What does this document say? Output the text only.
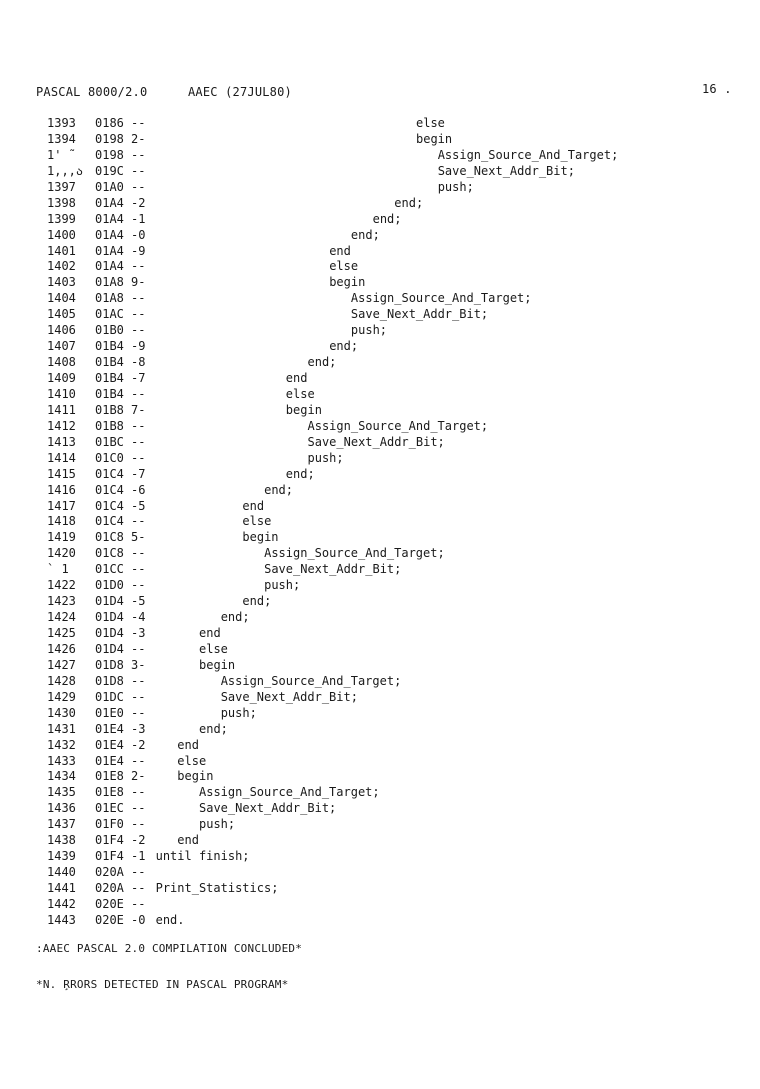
PASCAL 8000/2.0	AAEC (27JUL80)	16 .
1393 0186 --	else
1394 0198 2-	begin
1' ˜ 0198 --	Assign_Source_And_Target;
1,,,ა 019C --	Save_Next_Addr_Bit;
1397 01A0 --	push;
1398 01A4 -2	end;
1399 01A4 -1	end;
1400 01A4 -0	end;
1401 01A4 -9	end
1402 01A4 --	else
1403 01A8 9-	begin
1404 01A8 --	Assign_Source_And_Target;
1405 01AC --	Save_Next_Addr_Bit;
1406 01B0 --	push;
1407 01B4 -9	end;
1408 01B4 -8	end;
1409 01B4 -7	end
1410 01B4 --	else
1411 01B8 7-	begin
1412 01B8 --	Assign_Source_And_Target;
1413 01BC --	Save_Next_Addr_Bit;
1414 01C0 --	push;
1415 01C4 -7	end;
1416 01C4 -6	end;
1417 01C4 -5	end
1418 01C4 --	else
1419 01C8 5-	begin
1420 01C8 --	Assign_Source_And_Target;
` 1 01CC --	Save_Next_Addr_Bit;
1422 01D0 --	push;
1423 01D4 -5	end;
1424 01D4 -4	end;
1425 01D4 -3	end
1426 01D4 --	else
1427 01D8 3-	begin
1428 01D8 --	Assign_Source_And_Target;
1429 01DC --	Save_Next_Addr_Bit;
1430 01E0 --	push;
1431 01E4 -3	end;
1432 01E4 -2	end
1433 01E4 --	else
1434 01E8 2-	begin
1435 01E8 --	Assign_Source_And_Target;
1436 01EC --	Save_Next_Addr_Bit;
1437 01F0 --	push;
1438 01F4 -2	end
1439 01F4 -1 until finish;
1440 020A --
1441 020A -- Print_Statistics;
1442 020E --
1443 020E -0 end.
:AAEC PASCAL 2.0 COMPILATION CONCLUDED*
*N. ̧RRORS DETECTED IN PASCAL PROGRAM*
